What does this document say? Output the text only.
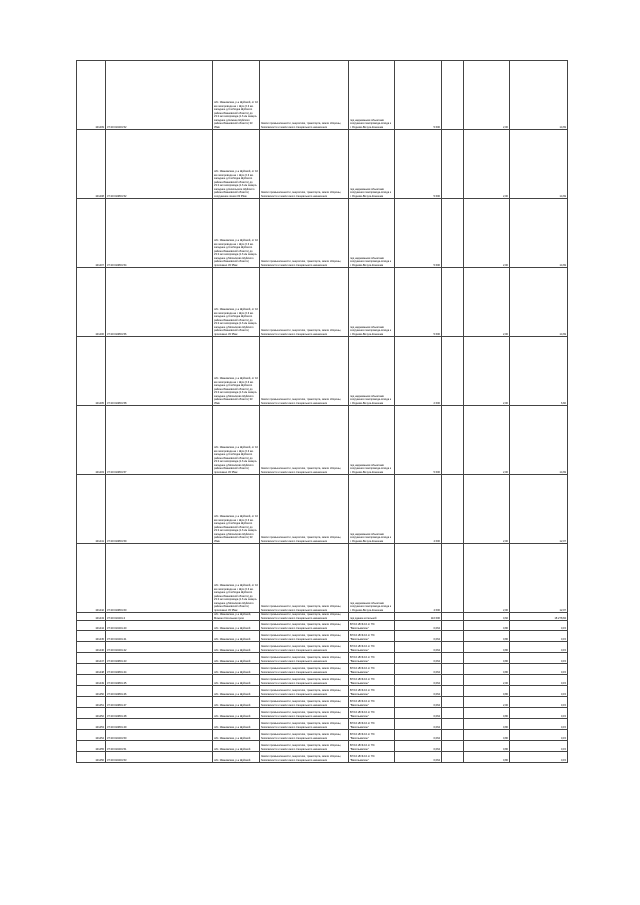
101409	37:20:010401:52	обл. Ивановская, р-н Шуйский, от 10 км газопровода на г. Шуя (2.3 км. западнее д.Слободка Шуйского района Ивановской области) до 23.3 км газопровода (1.6 км северо-западнее д.Нижнее Шуйского района Ивановской области) 33 35мк	Земли промышленности, энергетики, транспорта, земли обороны, безопасности и земли иного специального назначения	под надземными объектами сооружения газопровода-отвода к г. Родники-Вичуга-Кинешма	5 600		2,00	14,69
101408	37:20:010801:52	обл. Ивановская, р-н Шуйский, от 10 км газопровода на г. Шуя (2.3 км. западнее д.Слободка Шуйского района Ивановской области) до 23.3 км газопровода (1.6 км северо-западнее д.Никольское Шуйского района Ивановской области) сооружение линии 33 35мк	Земли промышленности, энергетики, транспорта, земли обороны, безопасности и земли иного специального назначения	под надземными объектами сооружения газопровода-отвода к г. Родники-Вичуга-Кинешма	5 600		2,00	14,69
101407	37:20:010801:54	обл. Ивановская, р-н Шуйский, от 10 км газопровода на г. Шуя (2.3 км. западнее д.Слободка Шуйского района Ивановской области) до 23.3 км газопровода (1.6 км северо-западнее д.Михалково Шуйского района Ивановской области) проложено 33 35мк	Земли промышленности, энергетики, транспорта, земли обороны, безопасности и земли иного специального назначения	под надземными объектами сооружения газопровода-отвода к г. Родники-Вичуга-Кинешма	5 600		2,00	14,69
101406	37:20:010801:56	обл. Ивановская, р-н Шуйский, от 10 км газопровода на г. Шуя (2.3 км. западнее д.Слободка Шуйского района Ивановской области) до 23.3 км газопровода (1.6 км северо-западнее д.Михалково Шуйского района Ивановской области) проложено 33 35мк	Земли промышленности, энергетики, транспорта, земли обороны, безопасности и земли иного специального назначения	под надземными объектами сооружения газопровода-отвода к г. Родники-Вичуга-Кинешма	5 600		2,00	14,69
101405	37:20:010801:58	обл. Ивановская, р-н Шуйский, от 10 км газопровода на г. Шуя (2.3 км. западнее д.Слободка Шуйского района Ивановской области) до 23.3 км газопровода (1.6 км северо-западнее д.Михалково Шуйского района Ивановской области) 33 35мк	Земли промышленности, энергетики, транспорта, земли обороны, безопасности и земли иного специального назначения	под надземными объектами сооружения газопровода-отвода к г. Родники-Вичуга-Кинешма	2 600		2,00	6,82
101403	37:20:010801:57	обл. Ивановская, р-н Шуйский, от 10 км газопровода на г. Шуя (2.3 км. западнее д.Слободка Шуйского района Ивановской области) до 23.3 км газопровода (1.6 км северо-западнее д.Михалково Шуйского района Ивановской области) проложено 33 35мк	Земли промышленности, энергетики, транспорта, земли обороны, безопасности и земли иного специального назначения	под надземными объектами сооружения газопровода-отвода к г. Родники-Вичуга-Кинешма	5 600		2,00	14,69
101441	37:20:010801:59	обл. Ивановская, р-н Шуйский, от 10 км газопровода на г. Шуя (2.3 км. западнее д.Слободка Шуйского района Ивановской области) до 23.3 км газопровода (1.6 км северо-западнее д.Михалково Шуйского района Ивановской области) 33 35мк	Земли промышленности, энергетики, транспорта, земли обороны, безопасности и земли иного специального назначения	под надземными объектами сооружения газопровода-отвода к г. Родники-Вичуга-Кинешма	4 600		2,00	12,07
101442	37:20:010801:60	обл. Ивановская, р-н Шуйский, от 10 км газопровода на г. Шуя (2.3 км. западнее д.Слободка Шуйского района Ивановской области) до 23.3 км газопровода (1.6 км северо-западнее д.Михалково Шуйского района Ивановской области) проложено 33 35мк	Земли промышленности, энергетики, транспорта, земли обороны, безопасности и земли иного специального назначения	под надземными объектами сооружения газопровода-отвода к г. Родники-Вичуга-Кинешма	4 600		2,00	12,07
101443	37:20:010401:4	обл. Ивановская, р-н Шуйский, Можено Котельная пром	Земли промышленности, энергетики, транспорта, земли обороны, безопасности и земли иного специального назначения	под здание котельной	116 600		0,60	18 278,84
101444	37:20:010401:40	обл. Ивановская, р-н Шуйский	Земли промышленности, энергетики, транспорта, земли обороны, безопасности и земли иного специального назначения	ВЛ 10 кВ Ф-10 от ПС "Васильевское"	0,064		0,80	0,15
101445	37:20:010401:41	обл. Ивановская, р-н Шуйский	Земли промышленности, энергетики, транспорта, земли обороны, безопасности и земли иного специального назначения	ВЛ 10 кВ Ф-10 от ПС "Васильевское"	0,064		0,80	0,15
101446	37:20:010401:42	обл. Ивановская, р-н Шуйский	Земли промышленности, энергетики, транспорта, земли обороны, безопасности и земли иного специального назначения	ВЛ 10 кВ Ф-10 от ПС "Васильевское"	0,064		0,80	0,15
101447	37:20:010801:43	обл. Ивановская, р-н Шуйский	Земли промышленности, энергетики, транспорта, земли обороны, безопасности и земли иного специального назначения	ВЛ 10 кВ Ф-10 от ПС "Васильевское"	0,064		0,80	0,15
101448	37:20:010801:44	обл. Ивановская, р-н Шуйский	Земли промышленности, энергетики, транспорта, земли обороны, безопасности и земли иного специального назначения	ВЛ 10 кВ Ф-10 от ПС "Васильевское"	0,064		0,80	0,15
101449	37:20:010801:45	обл. Ивановская, р-н Шуйский	Земли промышленности, энергетики, транспорта, земли обороны, безопасности и земли иного специального назначения	ВЛ 10 кВ Ф-10 от ПС "Васильевское"	0,064		2,00	0,15
101450	37:20:010801:46	обл. Ивановская, р-н Шуйский	Земли промышленности, энергетики, транспорта, земли обороны, безопасности и земли иного специального назначения	ВЛ 10 кВ Ф-10 от ПС "Васильевское"	0,064		0,80	0,15
101451	37:20:010801:47	обл. Ивановская, р-н Шуйский	Земли промышленности, энергетики, транспорта, земли обороны, безопасности и земли иного специального назначения	ВЛ 10 кВ Ф-10 от ПС "Васильевское"	0,064		2,00	0,15
101452	37:20:010801:48	обл. Ивановская, р-н Шуйский	Земли промышленности, энергетики, транспорта, земли обороны, безопасности и земли иного специального назначения	ВЛ 10 кВ Ф-10 от ПС "Васильевское"	0,064		0,80	0,15
101453	37:20:010801:49	обл. Ивановская, р-н Шуйский	Земли промышленности, энергетики, транспорта, земли обороны, безопасности и земли иного специального назначения	ВЛ 10 кВ Ф-10 от ПС "Васильевское"	0,064		0,80	0,15
101454	37:20:010401:50	обл. Ивановская, р-н Шуйский	Земли промышленности, энергетики, транспорта, земли обороны, безопасности и земли иного специального назначения	ВЛ 10 кВ Ф-10 от ПС "Васильевское"	0,064		0,80	0,15
101455	37:20:010401:51	обл. Ивановская, р-н Шуйский	Земли промышленности, энергетики, транспорта, земли обороны, безопасности и земли иного специального назначения	ВЛ 10 кВ Ф-10 от ПС "Васильевское"	0,064		0,80	0,15
101456	37:20:010401:53	обл. Ивановская, р-н Шуйский	Земли промышленности, энергетики, транспорта, земли обороны, безопасности и земли иного специального назначения	ВЛ 10 кВ Ф-10 от ПС "Васильевское"	0,064		0,80	0,15
